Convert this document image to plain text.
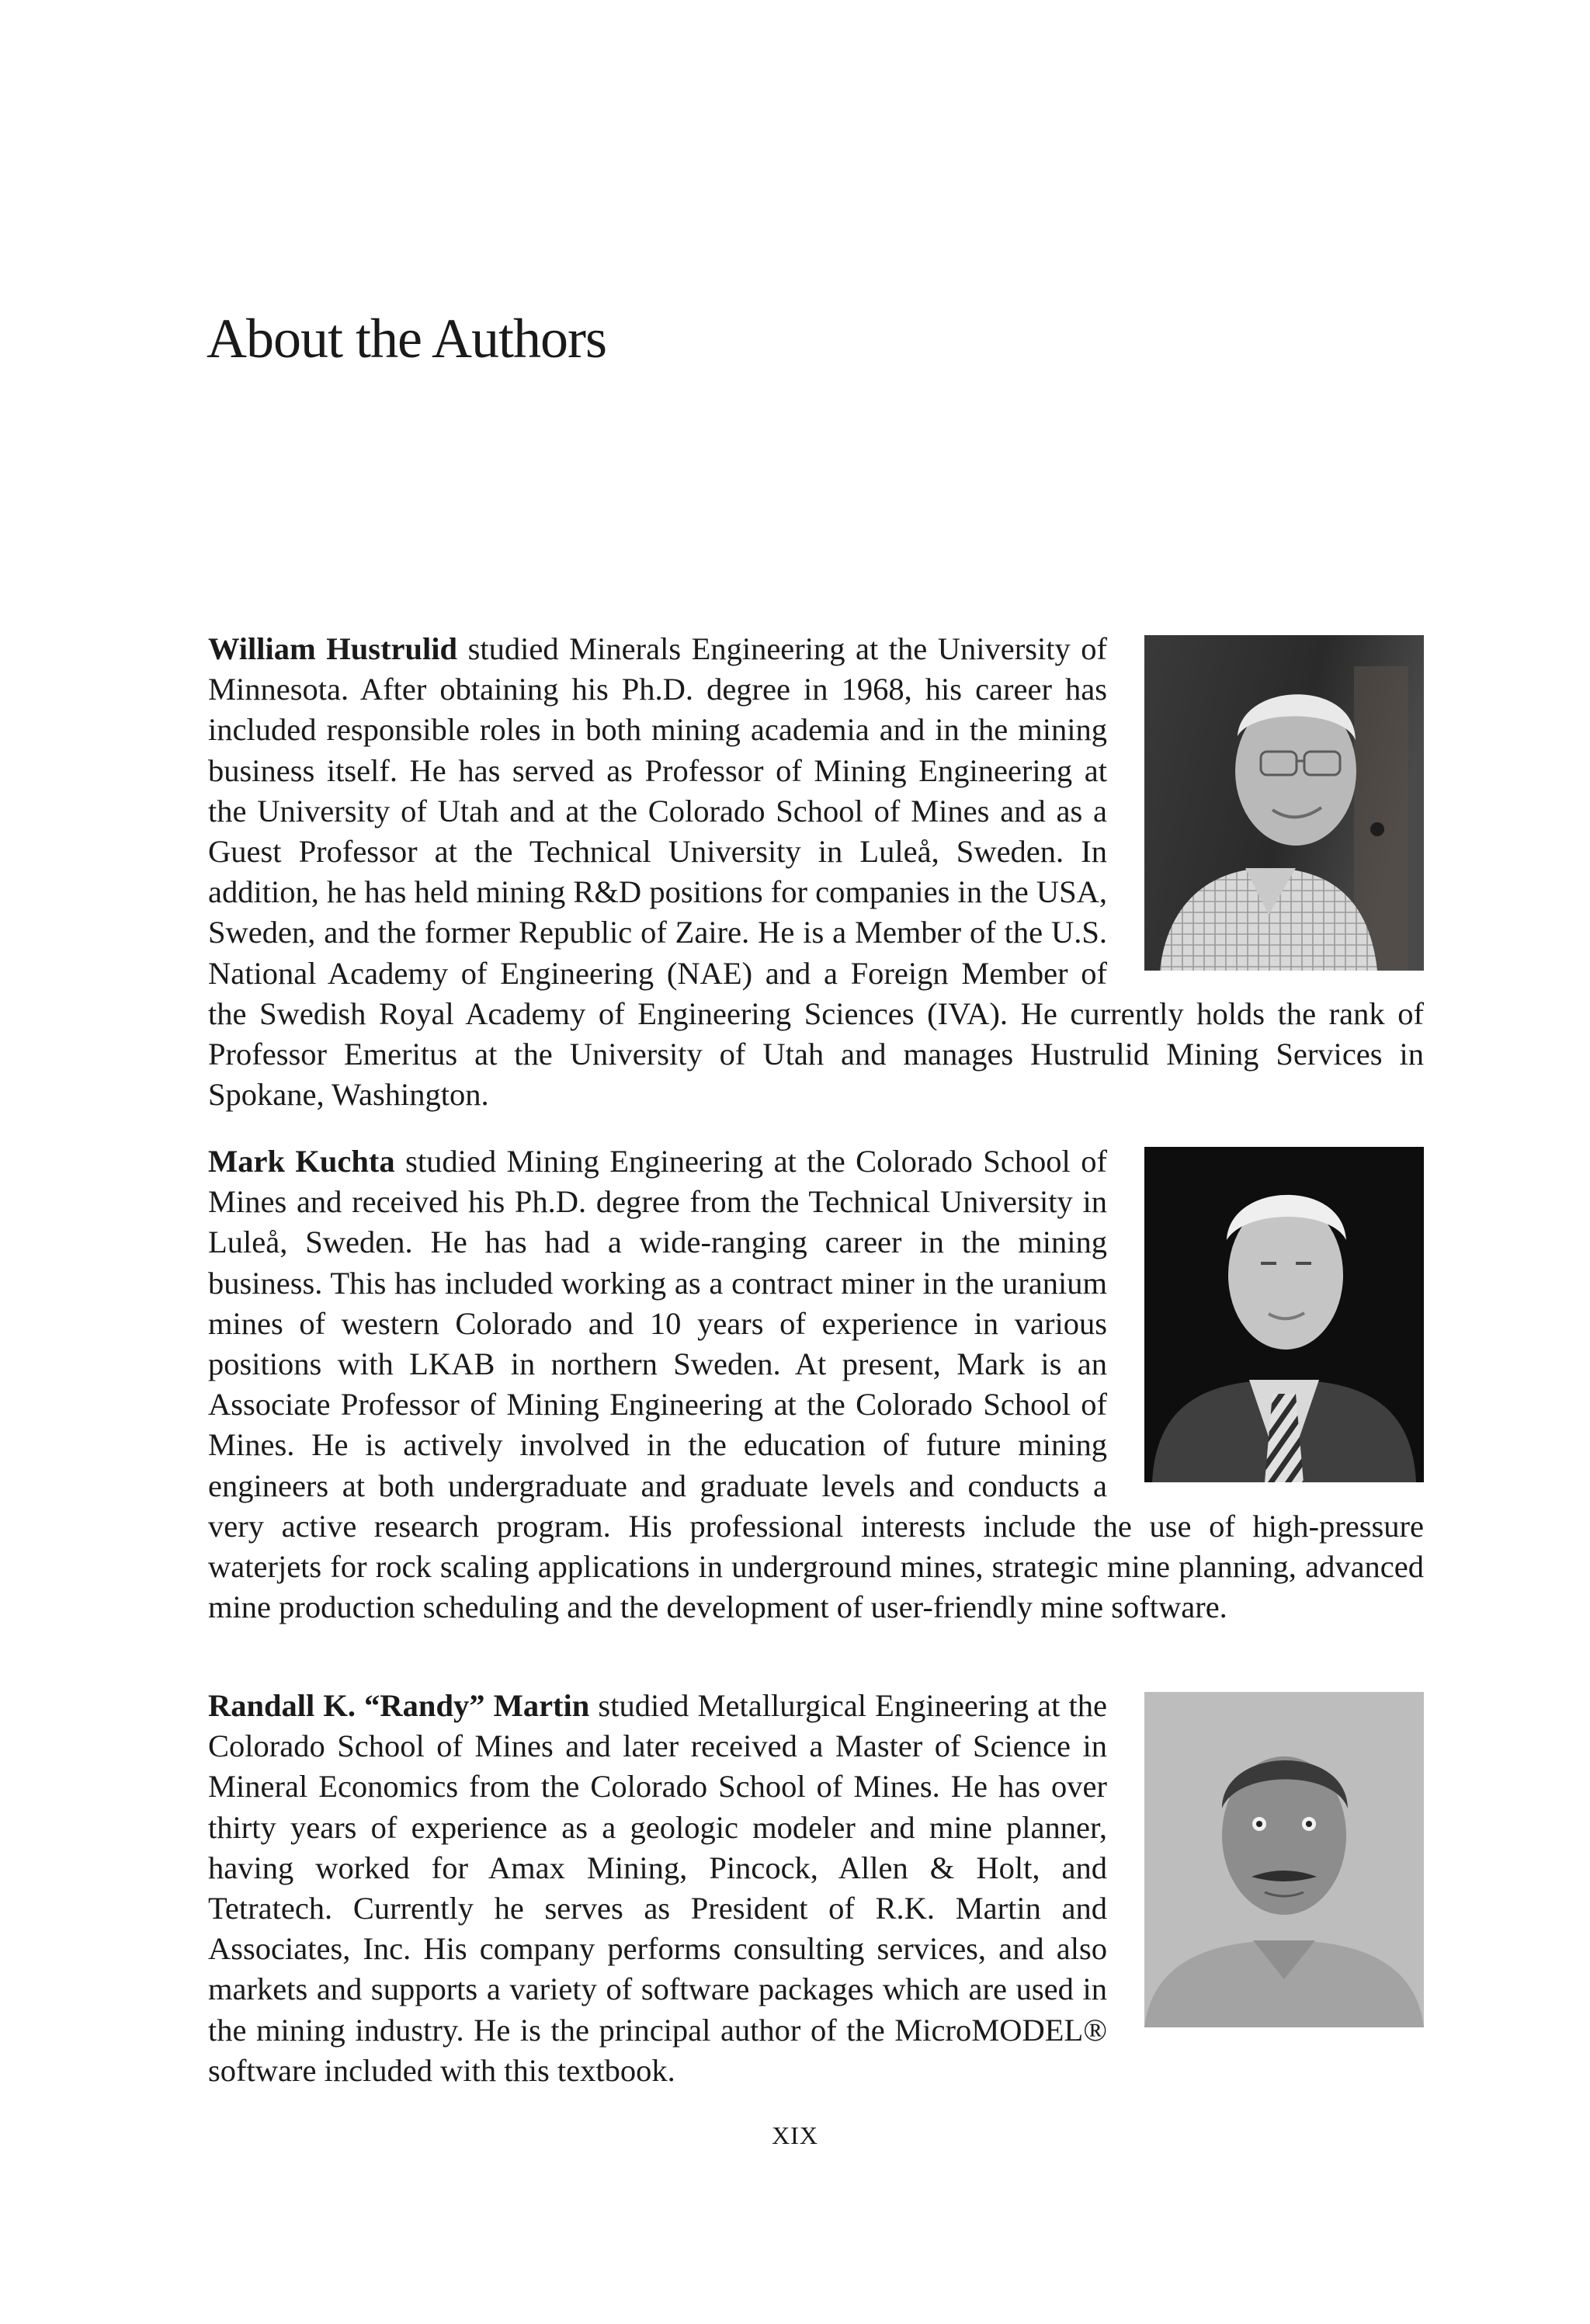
About the Authors

William Hustrulid studied Minerals Engineering at the University of Minnesota. After obtaining his Ph.D. degree in 1968, his career has included responsible roles in both mining academia and in the mining business itself. He has served as Professor of Mining Engineering at the University of Utah and at the Colorado School of Mines and as a Guest Professor at the Technical University in Luleå, Sweden. In addition, he has held mining R&D positions for companies in the USA, Sweden, and the former Republic of Zaire. He is a Member of the U.S. National Academy of Engineering (NAE) and a Foreign Member of the Swedish Royal Academy of Engineering Sciences (IVA). He currently holds the rank of Professor Emeritus at the University of Utah and manages Hustrulid Mining Services in Spokane, Washington.

Mark Kuchta studied Mining Engineering at the Colorado School of Mines and received his Ph.D. degree from the Technical University in Luleå, Sweden. He has had a wide-ranging career in the mining business. This has included working as a contract miner in the uranium mines of western Colorado and 10 years of experience in various positions with LKAB in northern Sweden. At present, Mark is an Associate Professor of Mining Engineering at the Colorado School of Mines. He is actively involved in the education of future mining engineers at both undergraduate and graduate levels and conducts a very active research program. His professional interests include the use of high-pressure waterjets for rock scaling applications in underground mines, strategic mine planning, advanced mine production scheduling and the development of user-friendly mine software.

Randall K. “Randy” Martin studied Metallurgical Engineering at the Colorado School of Mines and later received a Master of Science in Mineral Economics from the Colorado School of Mines. He has over thirty years of experience as a geologic modeler and mine planner, having worked for Amax Mining, Pincock, Allen & Holt, and Tetratech. Currently he serves as President of R.K. Martin and Associates, Inc. His company performs consulting services, and also markets and supports a variety of software packages which are used in the mining industry. He is the principal author of the MicroMODEL® software included with this textbook.

XIX
